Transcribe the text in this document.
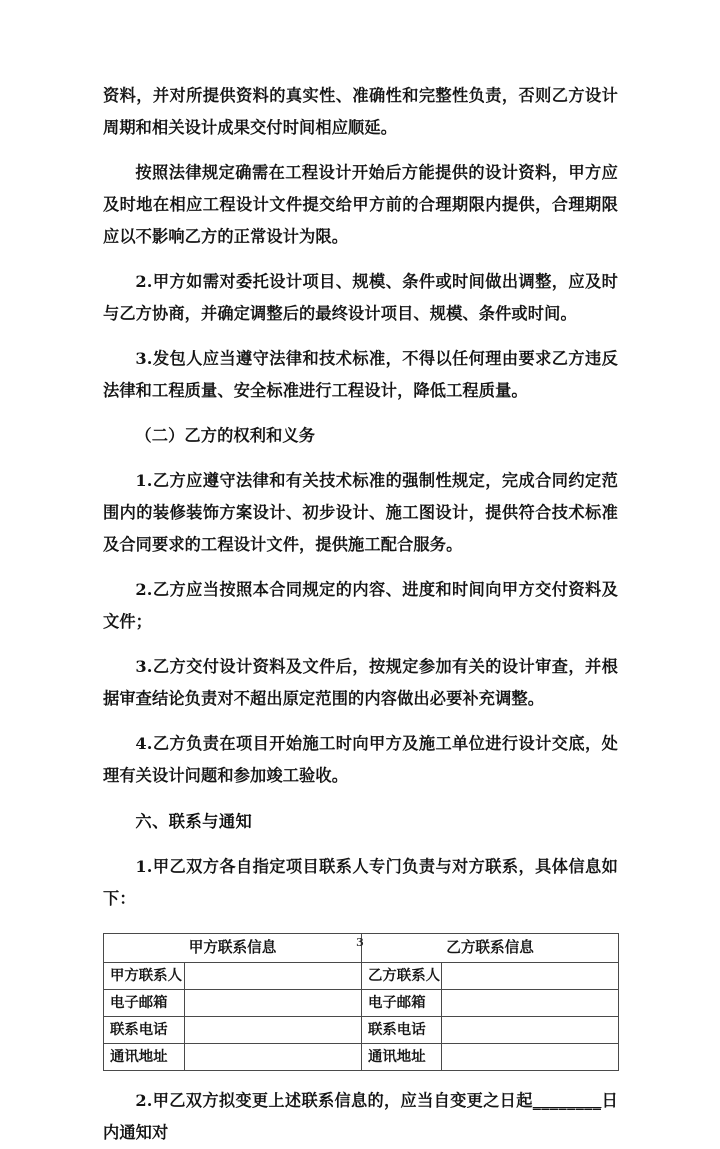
资料，并对所提供资料的真实性、准确性和完整性负责，否则乙方设计周期和相关设计成果交付时间相应顺延。

按照法律规定确需在工程设计开始后方能提供的设计资料，甲方应及时地在相应工程设计文件提交给甲方前的合理期限内提供，合理期限应以不影响乙方的正常设计为限。

2.甲方如需对委托设计项目、规模、条件或时间做出调整，应及时与乙方协商，并确定调整后的最终设计项目、规模、条件或时间。

3.发包人应当遵守法律和技术标准，不得以任何理由要求乙方违反法律和工程质量、安全标准进行工程设计，降低工程质量。

（二）乙方的权利和义务

1.乙方应遵守法律和有关技术标准的强制性规定，完成合同约定范围内的装修装饰方案设计、初步设计、施工图设计，提供符合技术标准及合同要求的工程设计文件，提供施工配合服务。

2.乙方应当按照本合同规定的内容、进度和时间向甲方交付资料及文件；

3.乙方交付设计资料及文件后，按规定参加有关的设计审查，并根据审查结论负责对不超出原定范围的内容做出必要补充调整。

4.乙方负责在项目开始施工时向甲方及施工单位进行设计交底，处理有关设计问题和参加竣工验收。

六、联系与通知

1.甲乙双方各自指定项目联系人专门负责与对方联系，具体信息如下：

甲方联系信息		乙方联系信息	
甲方联系人		乙方联系人	
电子邮箱		电子邮箱	
联系电话		联系电话	
通讯地址		通讯地址	

2.甲乙双方拟变更上述联系信息的，应当自变更之日起________日内通知对

3
